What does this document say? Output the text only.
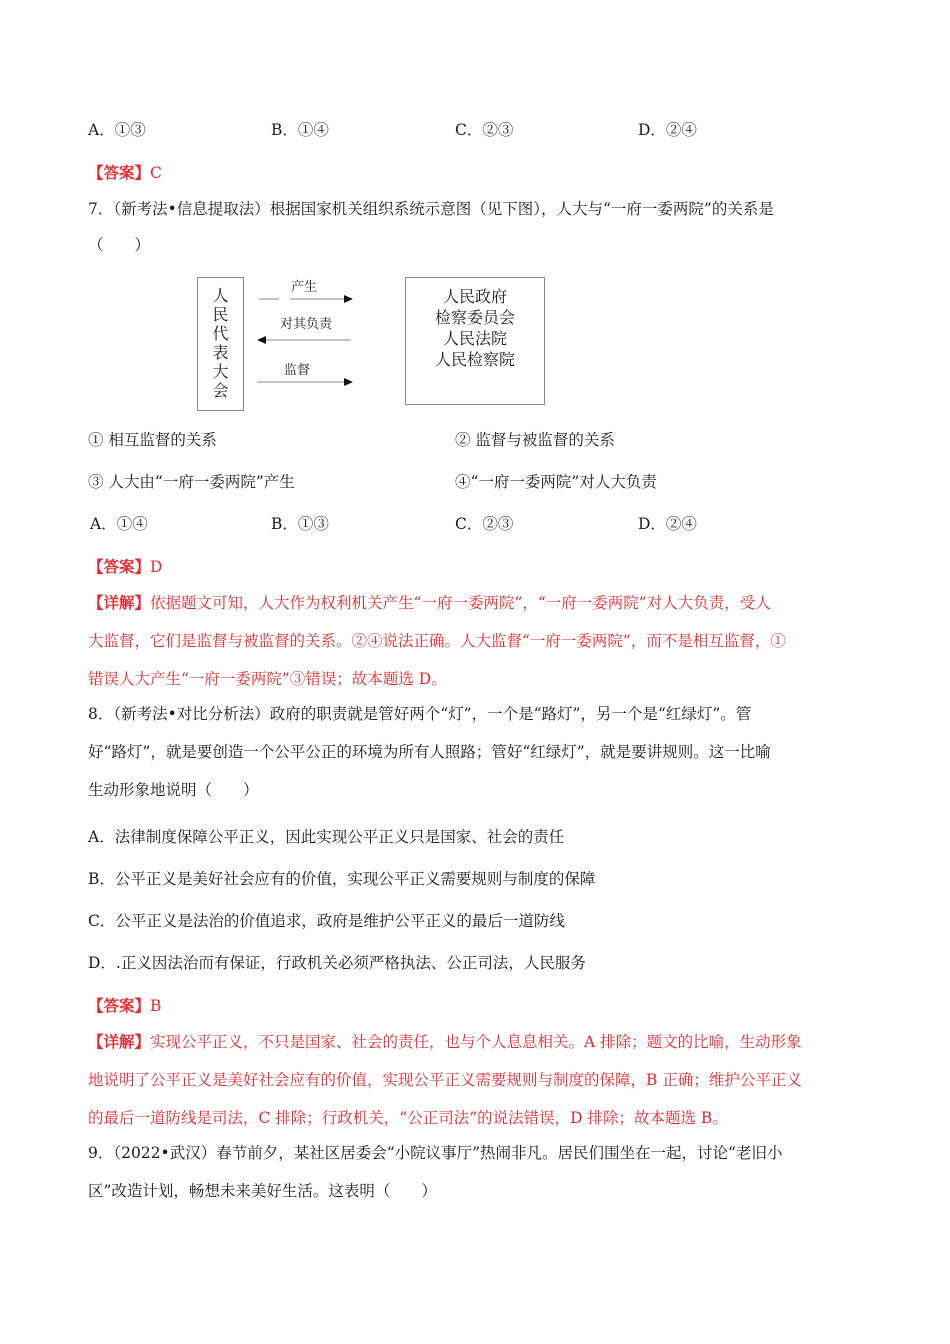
A．①③	B．①④	C．②③	D．②④
【答案】C
7．（新考法•信息提取法）根据国家机关组织系统示意图（见下图），人大与“一府一委两院”的关系是
（　　）
人
民
代
表
大
会
人民政府
检察委员会
人民法院
人民检察院
产生
对其负责
监督
① 相互监督的关系	② 监督与被监督的关系
③ 人大由“一府一委两院”产生	④“一府一委两院”对人大负责
A．①④	B．①③	C．②③	D．②④
【答案】D
【详解】依据题文可知，人大作为权利机关产生“一府一委两院”，“一府一委两院”对人大负责，受人
大监督，它们是监督与被监督的关系。②④说法正确。人大监督“一府一委两院”，而不是相互监督，①
错误人大产生“一府一委两院”③错误；故本题选 D。
8．（新考法•对比分析法）政府的职责就是管好两个“灯”，一个是“路灯”，另一个是“红绿灯”。管
好“路灯”，就是要创造一个公平公正的环境为所有人照路；管好“红绿灯”，就是要讲规则。这一比喻
生动形象地说明（　　）
A．法律制度保障公平正义，因此实现公平正义只是国家、社会的责任
B．公平正义是美好社会应有的价值，实现公平正义需要规则与制度的保障
C．公平正义是法治的价值追求，政府是维护公平正义的最后一道防线
D．.正义因法治而有保证，行政机关必须严格执法、公正司法，人民服务
【答案】B
【详解】实现公平正义，不只是国家、社会的责任，也与个人息息相关。A 排除；题文的比喻，生动形象
地说明了公平正义是美好社会应有的价值，实现公平正义需要规则与制度的保障，B 正确；维护公平正义
的最后一道防线是司法，C 排除；行政机关，“公正司法”的说法错误，D 排除；故本题选 B。
9．（2022•武汉）春节前夕，某社区居委会“小院议事厅”热闹非凡。居民们围坐在一起，讨论“老旧小
区”改造计划，畅想未来美好生活。这表明（　　）
